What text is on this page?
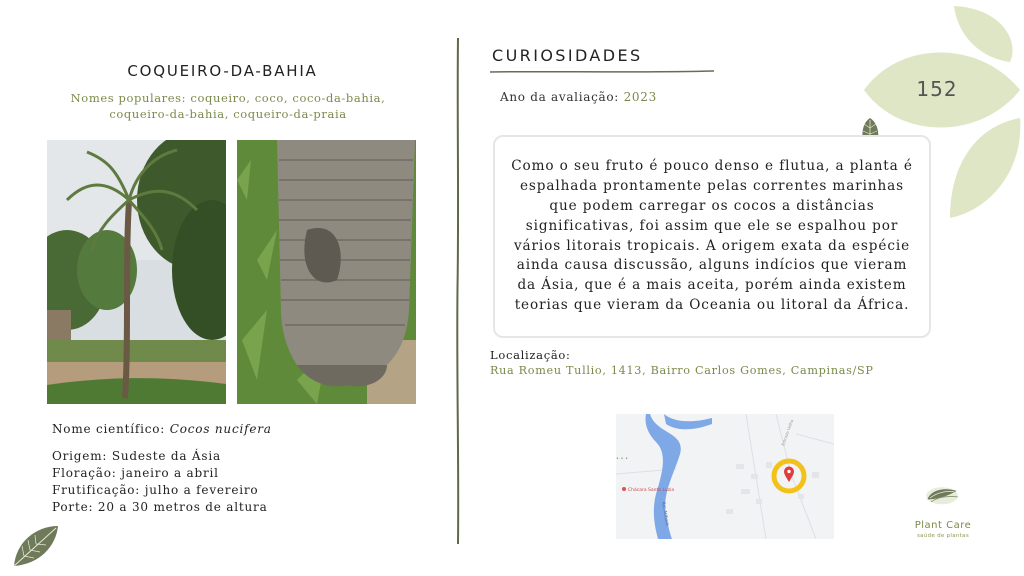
152
COQUEIRO-DA-BAHIA
Nomes populares: coqueiro, coco, coco-da-bahia,
coqueiro-da-bahia, coqueiro-da-praia
Nome científico: Cocos nucifera
Origem: Sudeste da Ásia
Floração: janeiro a abril
Frutificação: julho a fevereiro
Porte: 20 a 30 metros de altura
CURIOSIDADES
Ano da avaliação: 2023

Como o seu fruto é pouco denso e flutua, a planta é espalhada prontamente pelas correntes marinhas que podem carregar os cocos a distâncias significativas, foi assim que ele se espalhou por vários litorais tropicais. A origem exata da espécie ainda causa discussão, alguns indícios que vieram da Ásia, que é a mais aceita, porém ainda existem teorias que vieram da Oceania ou litoral da África.

Localização:
Rua Romeu Tullio, 1413, Bairro Carlos Gomes, Campinas/SP
• • •
Chácara Santa Luzia
Rio Atibaia
Estrada Velha
Plant Care
saúde de plantas
